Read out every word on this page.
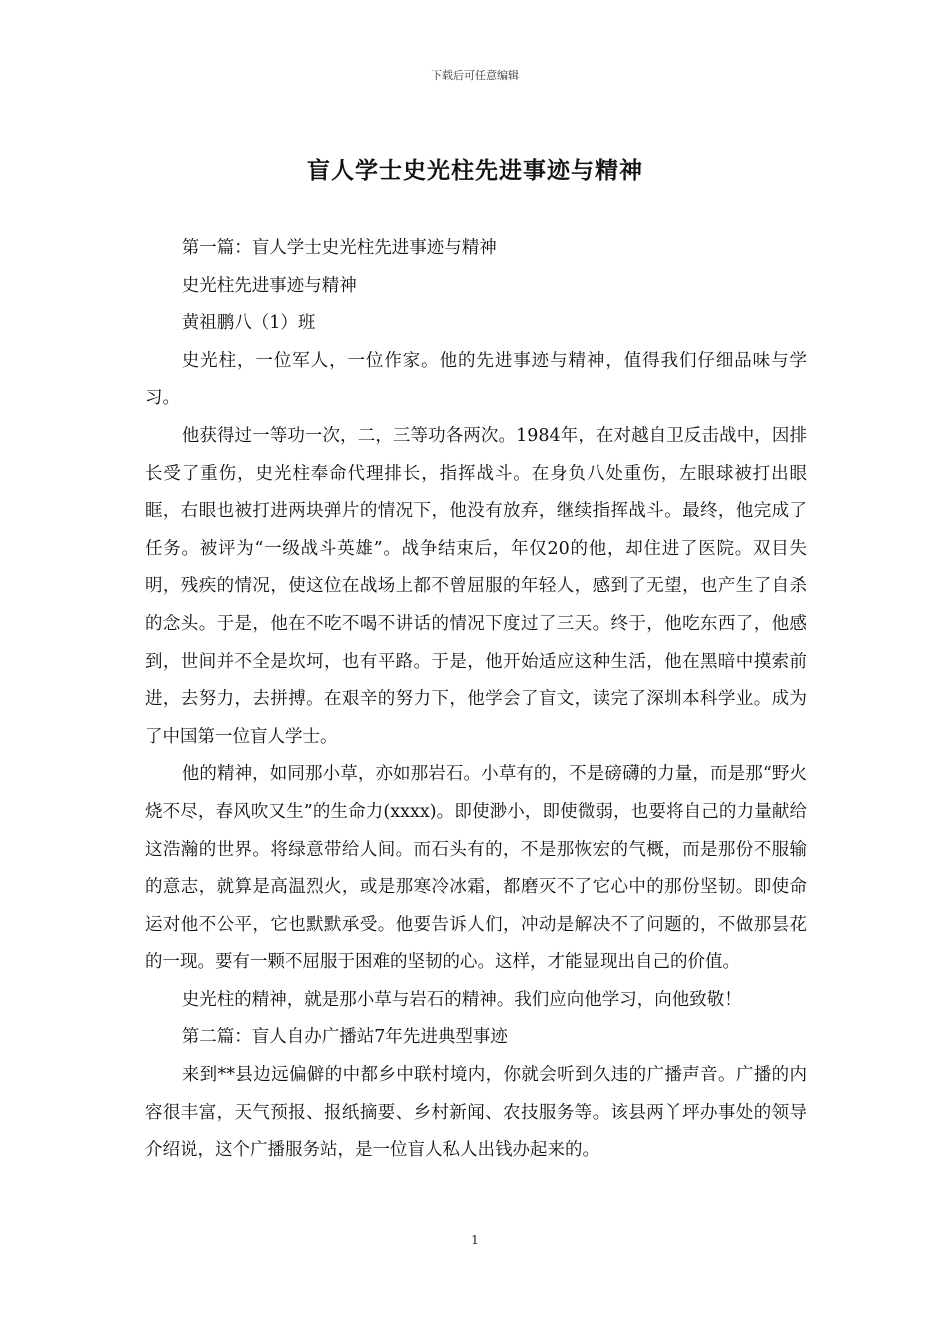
下载后可任意编辑
盲人学士史光柱先进事迹与精神

第一篇：盲人学士史光柱先进事迹与精神

史光柱先进事迹与精神

黄祖鹏八（1）班

史光柱，一位军人，一位作家。他的先进事迹与精神，值得我们仔细品味与学习。

他获得过一等功一次，二，三等功各两次。1984年，在对越自卫反击战中，因排长受了重伤，史光柱奉命代理排长，指挥战斗。在身负八处重伤，左眼球被打出眼眶，右眼也被打进两块弹片的情况下，他没有放弃，继续指挥战斗。最终，他完成了任务。被评为“一级战斗英雄”。战争结束后，年仅20的他，却住进了医院。双目失明，残疾的情况，使这位在战场上都不曾屈服的年轻人，感到了无望，也产生了自杀的念头。于是，他在不吃不喝不讲话的情况下度过了三天。终于，他吃东西了，他感到，世间并不全是坎坷，也有平路。于是，他开始适应这种生活，他在黑暗中摸索前进，去努力，去拼搏。在艰辛的努力下，他学会了盲文，读完了深圳本科学业。成为了中国第一位盲人学士。

他的精神，如同那小草，亦如那岩石。小草有的，不是磅礴的力量，而是那“野火烧不尽，春风吹又生”的生命力(xxxx)。即使渺小，即使微弱，也要将自己的力量献给这浩瀚的世界。将绿意带给人间。而石头有的，不是那恢宏的气概，而是那份不服输的意志，就算是高温烈火，或是那寒冷冰霜，都磨灭不了它心中的那份坚韧。即使命运对他不公平，它也默默承受。他要告诉人们，冲动是解决不了问题的，不做那昙花的一现。要有一颗不屈服于困难的坚韧的心。这样，才能显现出自己的价值。

史光柱的精神，就是那小草与岩石的精神。我们应向他学习，向他致敬！

第二篇：盲人自办广播站7年先进典型事迹

来到**县边远偏僻的中都乡中联村境内，你就会听到久违的广播声音。广播的内容很丰富，天气预报、报纸摘要、乡村新闻、农技服务等。该县两丫坪办事处的领导介绍说，这个广播服务站，是一位盲人私人出钱办起来的。

1
